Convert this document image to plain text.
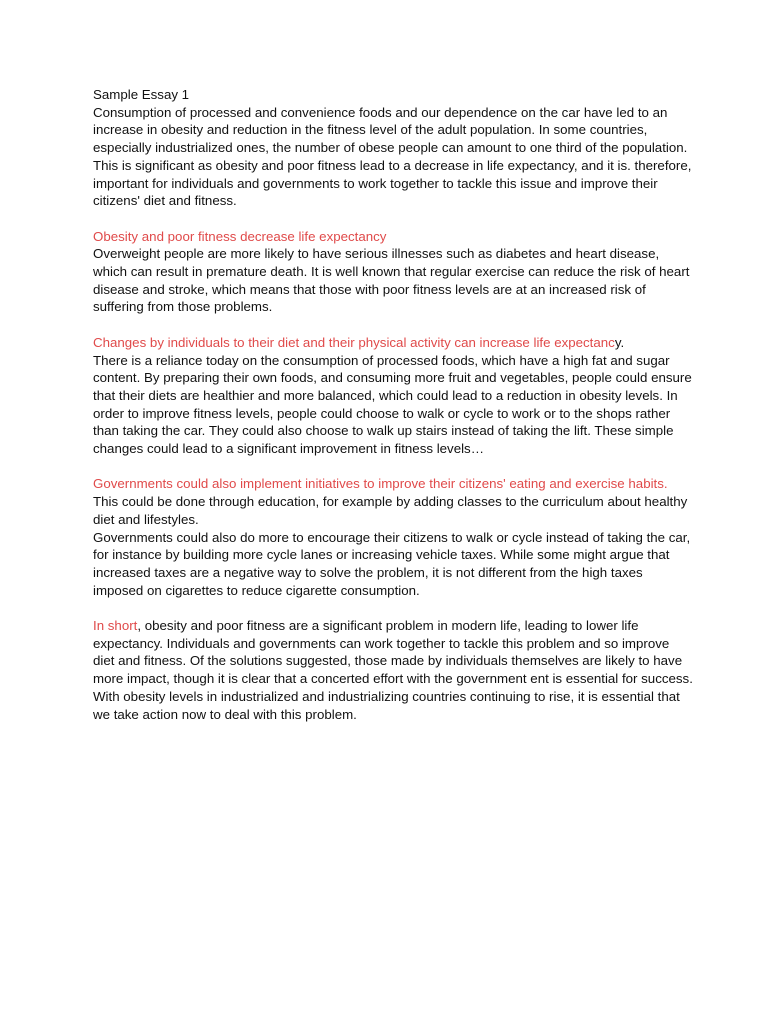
Sample Essay 1

Consumption of processed and convenience foods and our dependence on the car have led to an increase in obesity and reduction in the fitness level of the adult population. In some countries, especially industrialized ones, the number of obese people can amount to one third of the population. This is significant as obesity and poor fitness lead to a decrease in life expectancy, and it is. therefore, important for individuals and governments to work together to tackle this issue and improve their citizens' diet and fitness.

Obesity and poor fitness decrease life expectancy

Overweight people are more likely to have serious illnesses such as diabetes and heart disease, which can result in premature death. It is well known that regular exercise can reduce the risk of heart disease and stroke, which means that those with poor fitness levels are at an increased risk of suffering from those problems.

Changes by individuals to their diet and their physical activity can increase life expectancy.

There is a reliance today on the consumption of processed foods, which have a high fat and sugar content. By preparing their own foods, and consuming more fruit and vegetables, people could ensure that their diets are healthier and more balanced, which could lead to a reduction in obesity levels. In order to improve fitness levels, people could choose to walk or cycle to work or to the shops rather than taking the car. They could also choose to walk up stairs instead of taking the lift. These simple changes could lead to a significant improvement in fitness levels…

Governments could also implement initiatives to improve their citizens' eating and exercise habits. This could be done through education, for example by adding classes to the curriculum about healthy diet and lifestyles.

Governments could also do more to encourage their citizens to walk or cycle instead of taking the car, for instance by building more cycle lanes or increasing vehicle taxes. While some might argue that increased taxes are a negative way to solve the problem, it is not different from the high taxes imposed on cigarettes to reduce cigarette consumption.

In short, obesity and poor fitness are a significant problem in modern life, leading to lower life expectancy. Individuals and governments can work together to tackle this problem and so improve diet and fitness. Of the solutions suggested, those made by individuals themselves are likely to have more impact, though it is clear that a concerted effort with the government ent is essential for success. With obesity levels in industrialized and industrializing countries continuing to rise, it is essential that we take action now to deal with this problem.
